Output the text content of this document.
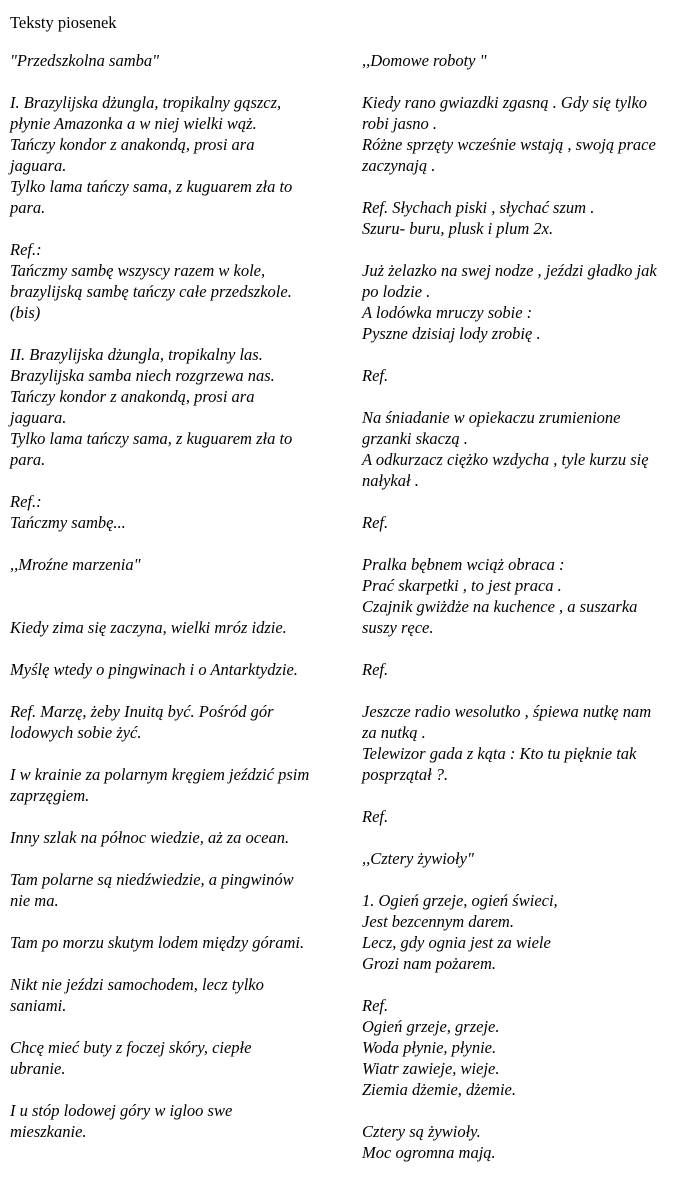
Teksty piosenek
"Przedszkolna samba"
I. Brazylijska dżungla, tropikalny gąszcz,
płynie Amazonka a w niej wielki wąż.
Tańczy kondor z anakondą, prosi ara
jaguara.
Tylko lama tańczy sama, z kuguarem zła to
para.
Ref.:
Tańczmy sambę wszyscy razem w kole,
brazylijską sambę tańczy całe przedszkole.
(bis)
II. Brazylijska dżungla, tropikalny las.
Brazylijska samba niech rozgrzewa nas.
Tańczy kondor z anakondą, prosi ara
jaguara.
Tylko lama tańczy sama, z kuguarem zła to
para.
Ref.:
Tańczmy sambę...
,,Mroźne marzenia"
Kiedy zima się zaczyna, wielki mróz idzie.
Myślę wtedy o pingwinach i o Antarktydzie.
Ref. Marzę, żeby Inuitą być. Pośród gór
lodowych sobie żyć.
I w krainie za polarnym kręgiem jeździć psim
zaprzęgiem.
Inny szlak na północ wiedzie, aż za ocean.
Tam polarne są niedźwiedzie, a pingwinów
nie ma.
Tam po morzu skutym lodem między górami.
Nikt nie jeździ samochodem, lecz tylko
saniami.
Chcę mieć buty z foczej skóry, ciepłe
ubranie.
I u stóp lodowej góry w igloo swe
mieszkanie.
,,Domowe roboty "
Kiedy rano gwiazdki zgasną . Gdy się tylko
robi jasno .
Różne sprzęty wcześnie wstają , swoją prace
zaczynają .
Ref. Słychach piski , słychać szum .
Szuru- buru, plusk i plum 2x.
Już żelazko na swej nodze , jeździ gładko jak
po lodzie .
A lodówka mruczy sobie :
Pyszne dzisiaj lody zrobię .
Ref.
Na śniadanie w opiekaczu zrumienione
grzanki skaczą .
A odkurzacz ciężko wzdycha , tyle kurzu się
nałykał .
Ref.
Pralka bębnem wciąż obraca :
Prać skarpetki , to jest praca .
Czajnik gwiżdże na kuchence , a suszarka
suszy ręce.
Ref.
Jeszcze radio wesolutko , śpiewa nutkę nam
za nutką .
Telewizor gada z kąta : Kto tu pięknie tak
posprzątał ?.
Ref.
,,Cztery żywioły"
1. Ogień grzeje, ogień świeci,
Jest bezcennym darem.
Lecz, gdy ognia jest za wiele
Grozi nam pożarem.
Ref.
Ogień grzeje, grzeje.
Woda płynie, płynie.
Wiatr zawieje, wieje.
Ziemia dżemie, dżemie.
Cztery są żywioły.
Moc ogromna mają.
